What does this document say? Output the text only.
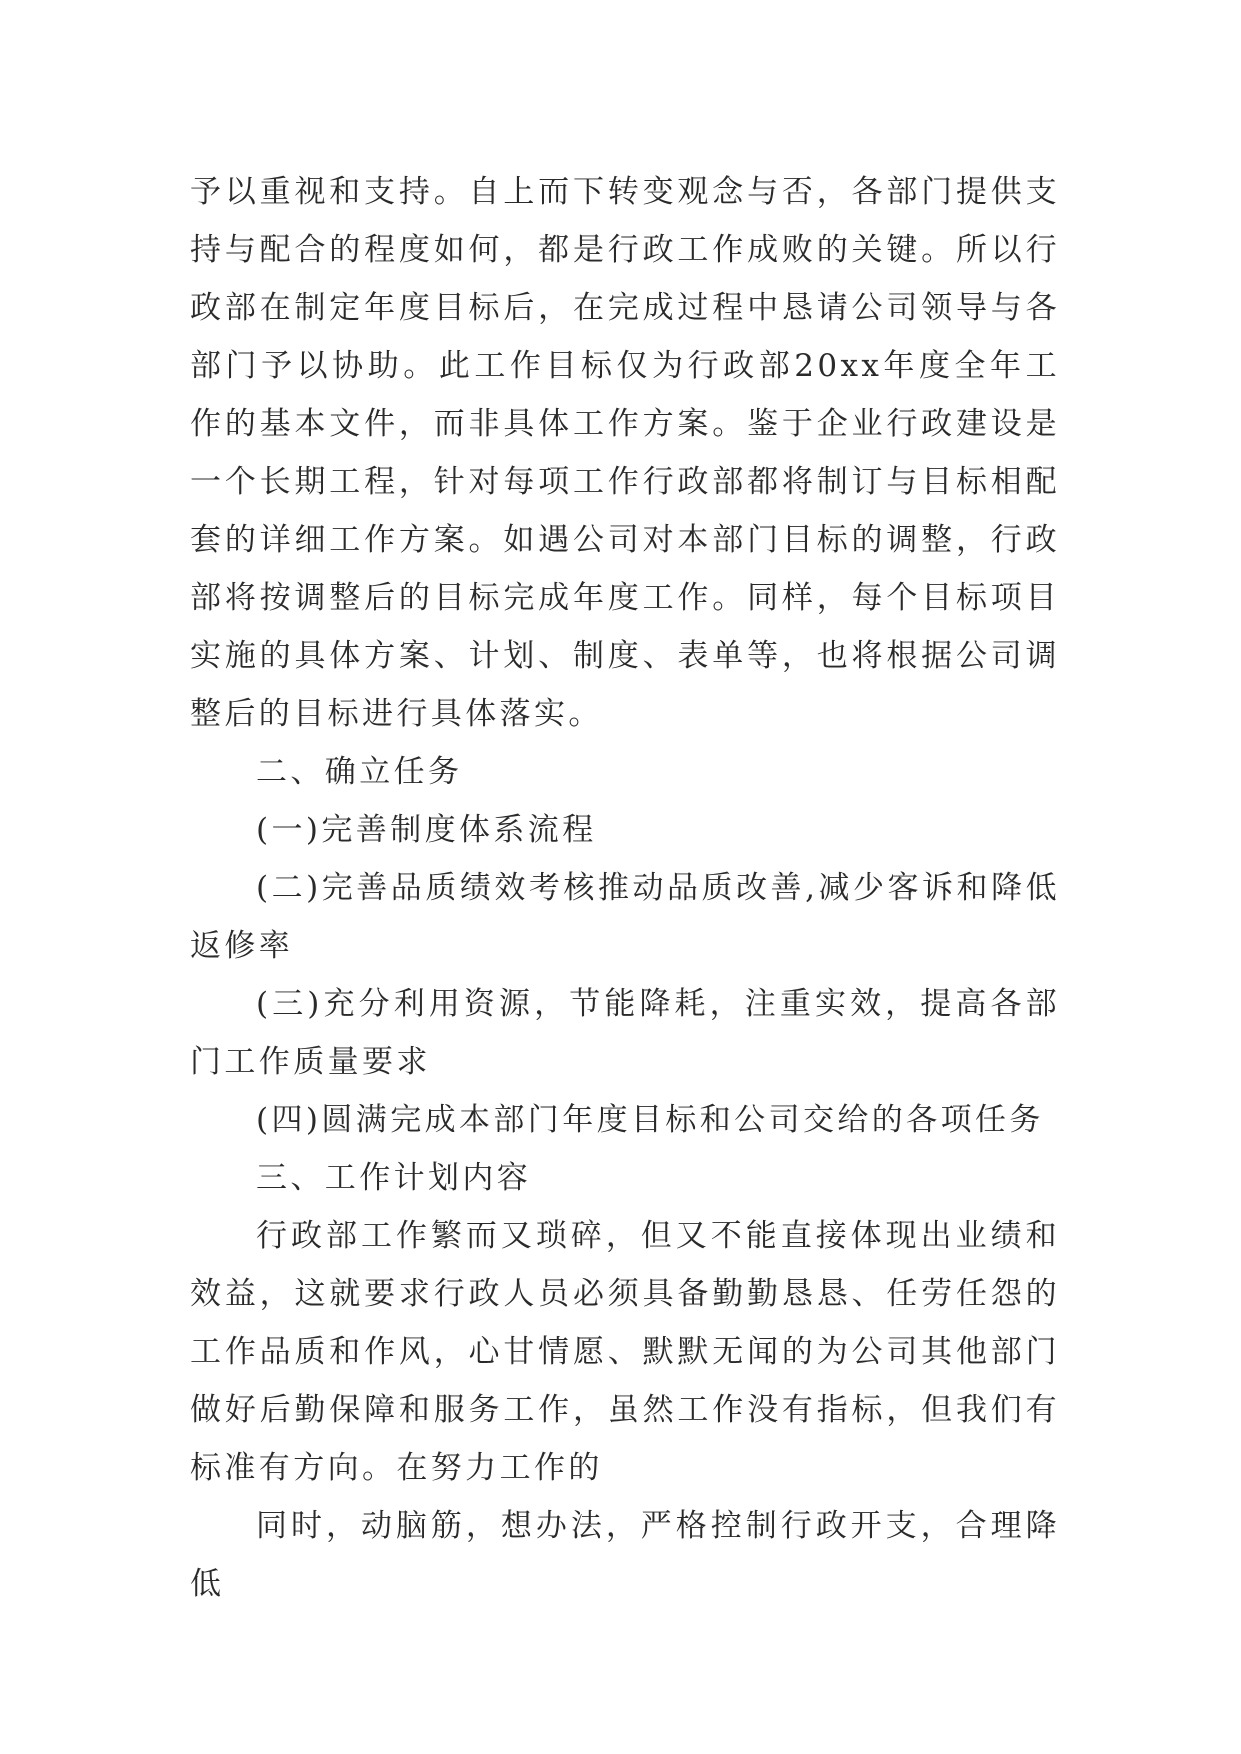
予以重视和支持。自上而下转变观念与否，各部门提供支持与配合的程度如何，都是行政工作成败的关键。所以行政部在制定年度目标后，在完成过程中恳请公司领导与各部门予以协助。此工作目标仅为行政部20xx年度全年工作的基本文件，而非具体工作方案。鉴于企业行政建设是一个长期工程，针对每项工作行政部都将制订与目标相配套的详细工作方案。如遇公司对本部门目标的调整，行政部将按调整后的目标完成年度工作。同样，每个目标项目实施的具体方案、计划、制度、表单等，也将根据公司调整后的目标进行具体落实。

二、确立任务

(一)完善制度体系流程

(二)完善品质绩效考核推动品质改善,减少客诉和降低返修率

(三)充分利用资源，节能降耗，注重实效，提高各部门工作质量要求

(四)圆满完成本部门年度目标和公司交给的各项任务

三、工作计划内容

行政部工作繁而又琐碎，但又不能直接体现出业绩和效益，这就要求行政人员必须具备勤勤恳恳、任劳任怨的工作品质和作风，心甘情愿、默默无闻的为公司其他部门做好后勤保障和服务工作，虽然工作没有指标，但我们有标准有方向。在努力工作的

同时，动脑筋，想办法，严格控制行政开支，合理降低
